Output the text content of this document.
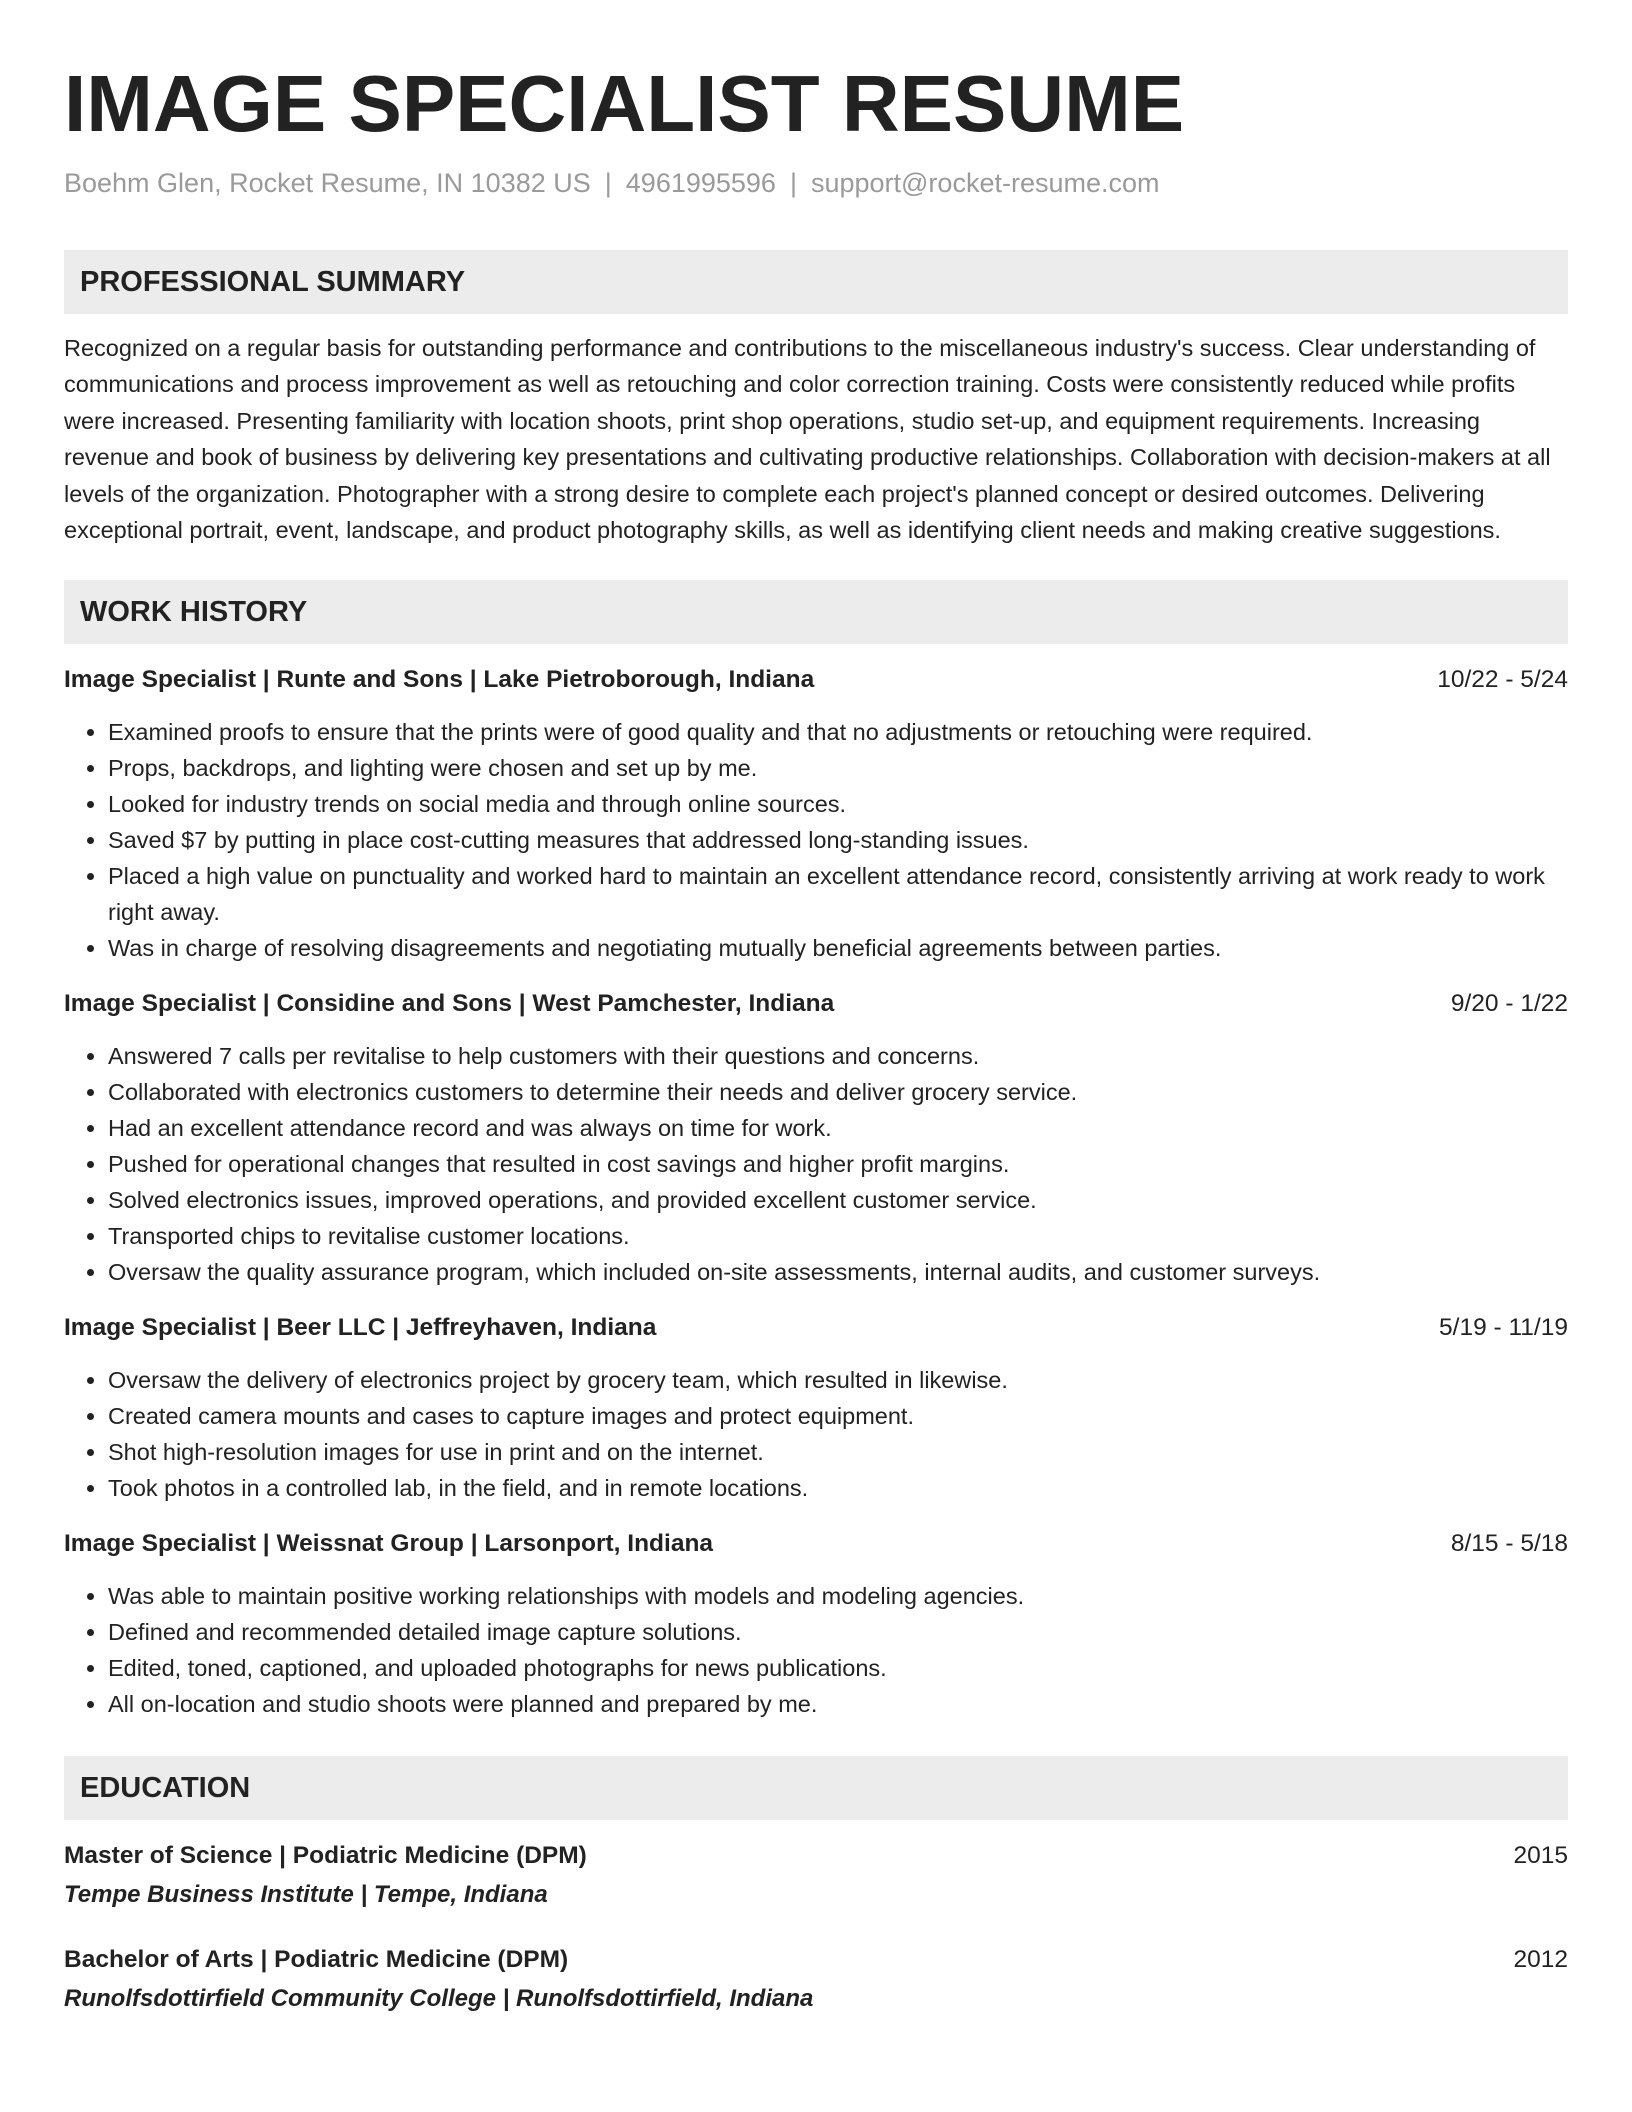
IMAGE SPECIALIST RESUME
Boehm Glen, Rocket Resume, IN 10382 US | 4961995596 | support@rocket-resume.com
PROFESSIONAL SUMMARY
Recognized on a regular basis for outstanding performance and contributions to the miscellaneous industry's success. Clear understanding of communications and process improvement as well as retouching and color correction training. Costs were consistently reduced while profits were increased. Presenting familiarity with location shoots, print shop operations, studio set-up, and equipment requirements. Increasing revenue and book of business by delivering key presentations and cultivating productive relationships. Collaboration with decision-makers at all levels of the organization. Photographer with a strong desire to complete each project's planned concept or desired outcomes. Delivering exceptional portrait, event, landscape, and product photography skills, as well as identifying client needs and making creative suggestions.
WORK HISTORY
Image Specialist | Runte and Sons | Lake Pietroborough, Indiana	10/22 - 5/24
• Examined proofs to ensure that the prints were of good quality and that no adjustments or retouching were required.
• Props, backdrops, and lighting were chosen and set up by me.
• Looked for industry trends on social media and through online sources.
• Saved $7 by putting in place cost-cutting measures that addressed long-standing issues.
• Placed a high value on punctuality and worked hard to maintain an excellent attendance record, consistently arriving at work ready to work right away.
• Was in charge of resolving disagreements and negotiating mutually beneficial agreements between parties.
Image Specialist | Considine and Sons | West Pamchester, Indiana	9/20 - 1/22
• Answered 7 calls per revitalise to help customers with their questions and concerns.
• Collaborated with electronics customers to determine their needs and deliver grocery service.
• Had an excellent attendance record and was always on time for work.
• Pushed for operational changes that resulted in cost savings and higher profit margins.
• Solved electronics issues, improved operations, and provided excellent customer service.
• Transported chips to revitalise customer locations.
• Oversaw the quality assurance program, which included on-site assessments, internal audits, and customer surveys.
Image Specialist | Beer LLC | Jeffreyhaven, Indiana	5/19 - 11/19
• Oversaw the delivery of electronics project by grocery team, which resulted in likewise.
• Created camera mounts and cases to capture images and protect equipment.
• Shot high-resolution images for use in print and on the internet.
• Took photos in a controlled lab, in the field, and in remote locations.
Image Specialist | Weissnat Group | Larsonport, Indiana	8/15 - 5/18
• Was able to maintain positive working relationships with models and modeling agencies.
• Defined and recommended detailed image capture solutions.
• Edited, toned, captioned, and uploaded photographs for news publications.
• All on-location and studio shoots were planned and prepared by me.
EDUCATION
Master of Science | Podiatric Medicine (DPM)	2015
Tempe Business Institute | Tempe, Indiana
Bachelor of Arts | Podiatric Medicine (DPM)	2012
Runolfsdottirfield Community College | Runolfsdottirfield, Indiana
